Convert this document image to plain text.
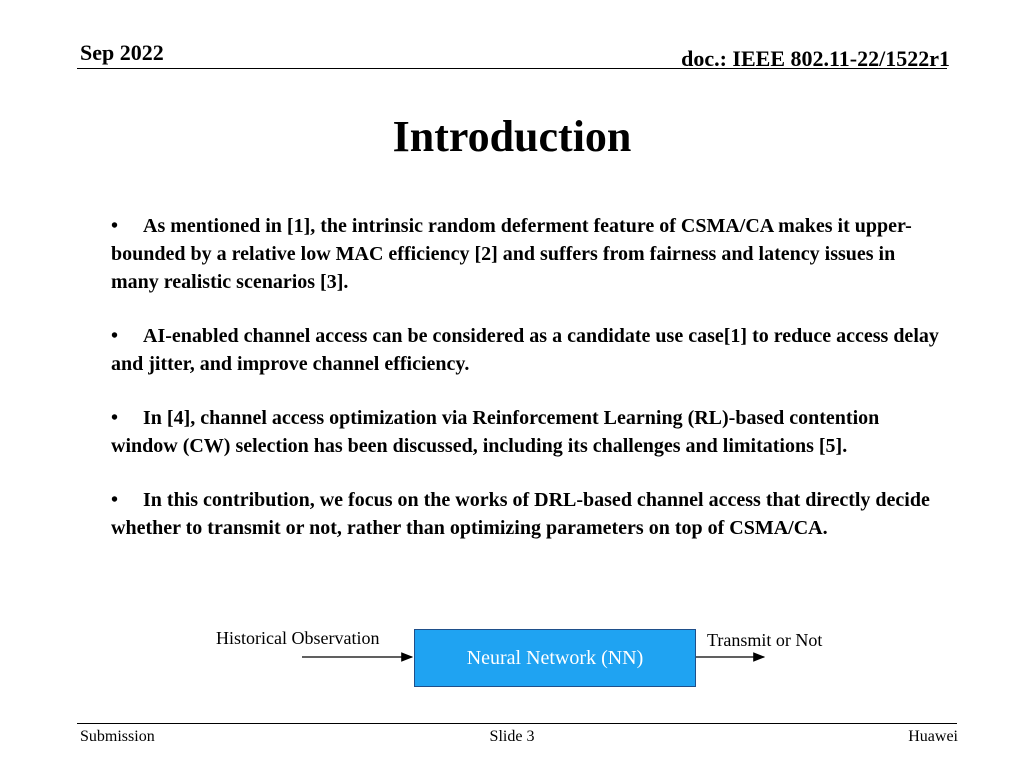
Sep 2022	doc.: IEEE 802.11-22/1522r1
Introduction
• As mentioned in [1], the intrinsic random deferment feature of CSMA/CA makes it upper-bounded by a relative low MAC efficiency [2] and suffers from fairness and latency issues in many realistic scenarios [3].
• AI-enabled channel access can be considered as a candidate use case[1] to reduce access delay and jitter, and improve channel efficiency.
• In [4], channel access optimization via Reinforcement Learning (RL)-based contention window (CW) selection has been discussed, including its challenges and limitations [5].
• In this contribution, we focus on the works of DRL-based channel access that directly decide whether to transmit or not, rather than optimizing parameters on top of CSMA/CA.
Historical Observation
Neural Network (NN)
Transmit or Not
Submission	Slide 3	Huawei
